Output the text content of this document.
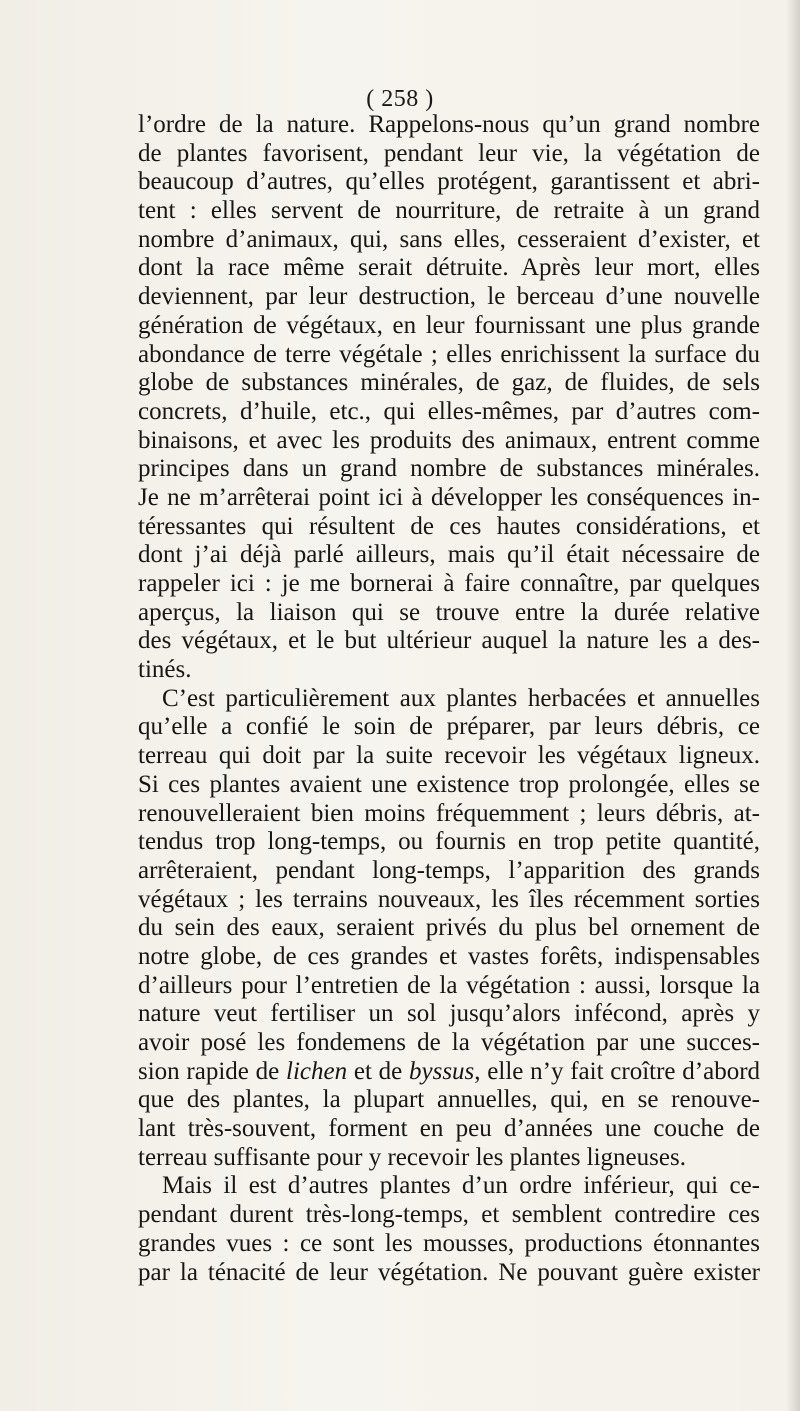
( 258 )
l’ordre de la nature. Rappelons-nous qu’un grand nombre
de plantes favorisent, pendant leur vie, la végétation de
beaucoup d’autres, qu’elles protégent, garantissent et abri-
tent : elles servent de nourriture, de retraite à un grand
nombre d’animaux, qui, sans elles, cesseraient d’exister, et
dont la race même serait détruite. Après leur mort, elles
deviennent, par leur destruction, le berceau d’une nouvelle
génération de végétaux, en leur fournissant une plus grande
abondance de terre végétale ; elles enrichissent la surface du
globe de substances minérales, de gaz, de fluides, de sels
concrets, d’huile, etc., qui elles-mêmes, par d’autres com-
binaisons, et avec les produits des animaux, entrent comme
principes dans un grand nombre de substances minérales.
Je ne m’arrêterai point ici à développer les conséquences in-
téressantes qui résultent de ces hautes considérations, et
dont j’ai déjà parlé ailleurs, mais qu’il était nécessaire de
rappeler ici : je me bornerai à faire connaître, par quelques
aperçus, la liaison qui se trouve entre la durée relative
des végétaux, et le but ultérieur auquel la nature les a des-
tinés.
C’est particulièrement aux plantes herbacées et annuelles
qu’elle a confié le soin de préparer, par leurs débris, ce
terreau qui doit par la suite recevoir les végétaux ligneux.
Si ces plantes avaient une existence trop prolongée, elles se
renouvelleraient bien moins fréquemment ; leurs débris, at-
tendus trop long-temps, ou fournis en trop petite quantité,
arrêteraient, pendant long-temps, l’apparition des grands
végétaux ; les terrains nouveaux, les îles récemment sorties
du sein des eaux, seraient privés du plus bel ornement de
notre globe, de ces grandes et vastes forêts, indispensables
d’ailleurs pour l’entretien de la végétation : aussi, lorsque la
nature veut fertiliser un sol jusqu’alors infécond, après y
avoir posé les fondemens de la végétation par une succes-
sion rapide de lichen et de byssus, elle n’y fait croître d’abord
que des plantes, la plupart annuelles, qui, en se renouve-
lant très-souvent, forment en peu d’années une couche de
terreau suffisante pour y recevoir les plantes ligneuses.
Mais il est d’autres plantes d’un ordre inférieur, qui ce-
pendant durent très-long-temps, et semblent contredire ces
grandes vues : ce sont les mousses, productions étonnantes
par la ténacité de leur végétation. Ne pouvant guère exister
